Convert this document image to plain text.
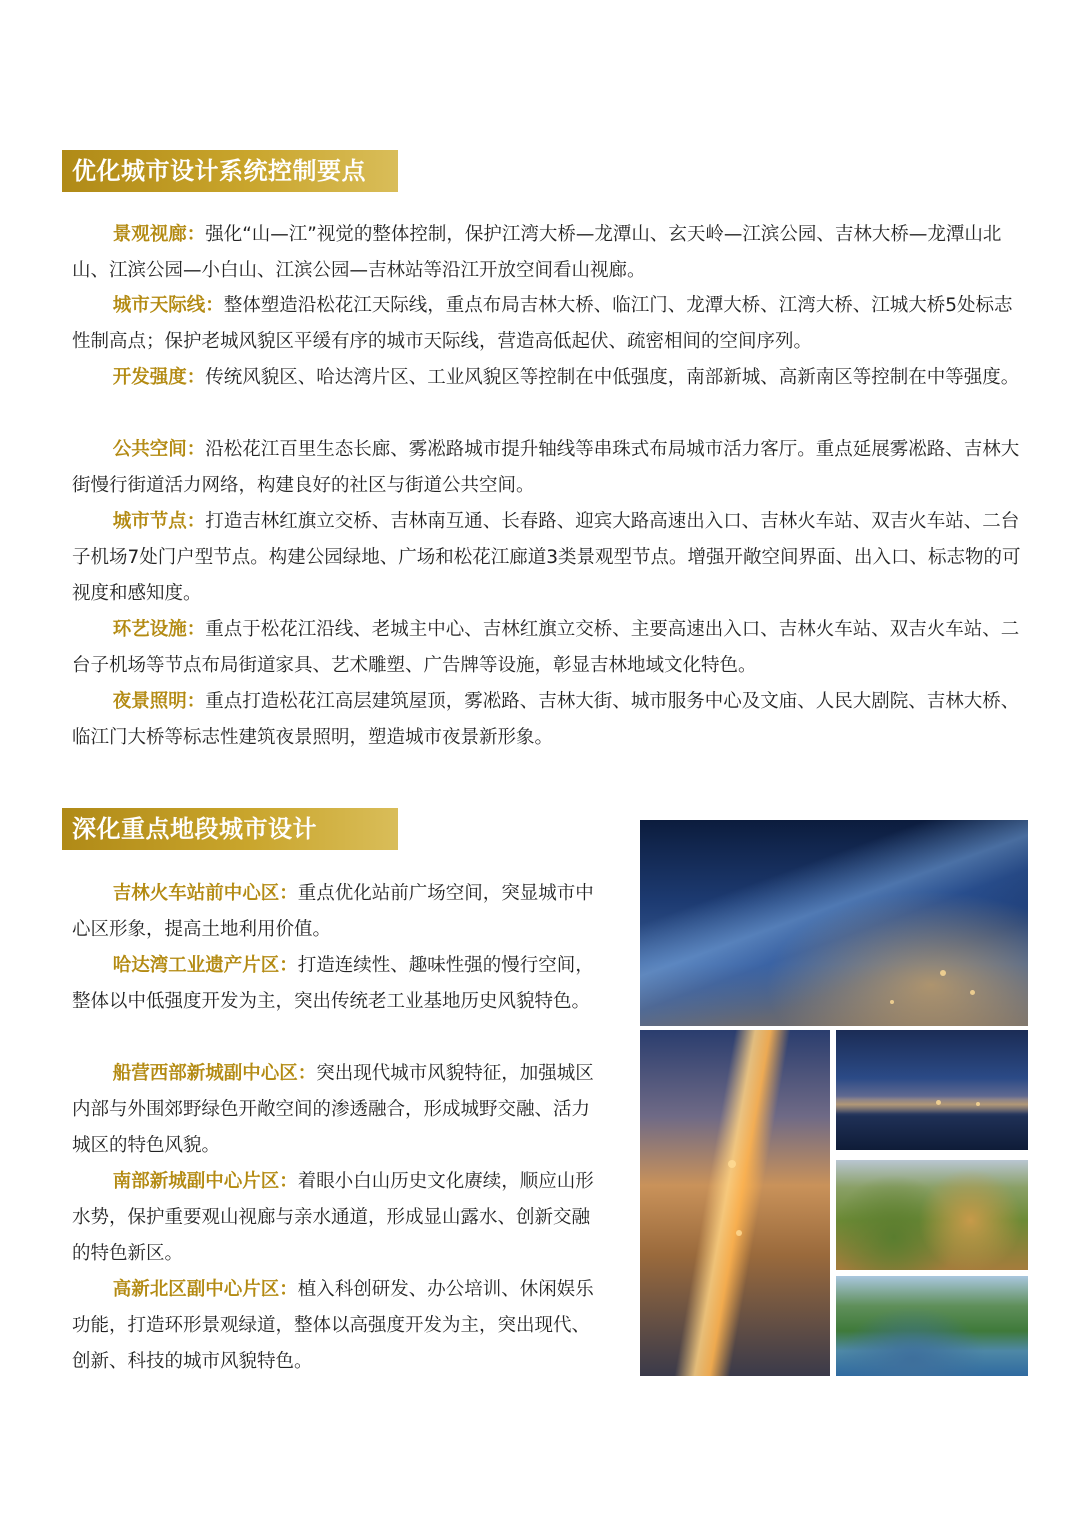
优化城市设计系统控制要点

景观视廊：强化“山—江”视觉的整体控制，保护江湾大桥—龙潭山、玄天岭—江滨公园、吉林大桥—龙潭山北山、江滨公园—小白山、江滨公园—吉林站等沿江开放空间看山视廊。

城市天际线：整体塑造沿松花江天际线，重点布局吉林大桥、临江门、龙潭大桥、江湾大桥、江城大桥5处标志性制高点；保护老城风貌区平缓有序的城市天际线，营造高低起伏、疏密相间的空间序列。

开发强度：传统风貌区、哈达湾片区、工业风貌区等控制在中低强度，南部新城、高新南区等控制在中等强度。

公共空间：沿松花江百里生态长廊、雾凇路城市提升轴线等串珠式布局城市活力客厅。重点延展雾凇路、吉林大街慢行街道活力网络，构建良好的社区与街道公共空间。

城市节点：打造吉林红旗立交桥、吉林南互通、长春路、迎宾大路高速出入口、吉林火车站、双吉火车站、二台子机场7处门户型节点。构建公园绿地、广场和松花江廊道3类景观型节点。增强开敞空间界面、出入口、标志物的可视度和感知度。

环艺设施：重点于松花江沿线、老城主中心、吉林红旗立交桥、主要高速出入口、吉林火车站、双吉火车站、二台子机场等节点布局街道家具、艺术雕塑、广告牌等设施，彰显吉林地域文化特色。

夜景照明：重点打造松花江高层建筑屋顶，雾凇路、吉林大街、城市服务中心及文庙、人民大剧院、吉林大桥、临江门大桥等标志性建筑夜景照明，塑造城市夜景新形象。

深化重点地段城市设计

吉林火车站前中心区：重点优化站前广场空间，突显城市中心区形象，提高土地利用价值。

哈达湾工业遗产片区：打造连续性、趣味性强的慢行空间，整体以中低强度开发为主，突出传统老工业基地历史风貌特色。

船营西部新城副中心区：突出现代城市风貌特征，加强城区内部与外围郊野绿色开敞空间的渗透融合，形成城野交融、活力城区的特色风貌。

南部新城副中心片区：着眼小白山历史文化赓续，顺应山形水势，保护重要观山视廊与亲水通道，形成显山露水、创新交融的特色新区。

高新北区副中心片区：植入科创研发、办公培训、休闲娱乐功能，打造环形景观绿道，整体以高强度开发为主，突出现代、创新、科技的城市风貌特色。
